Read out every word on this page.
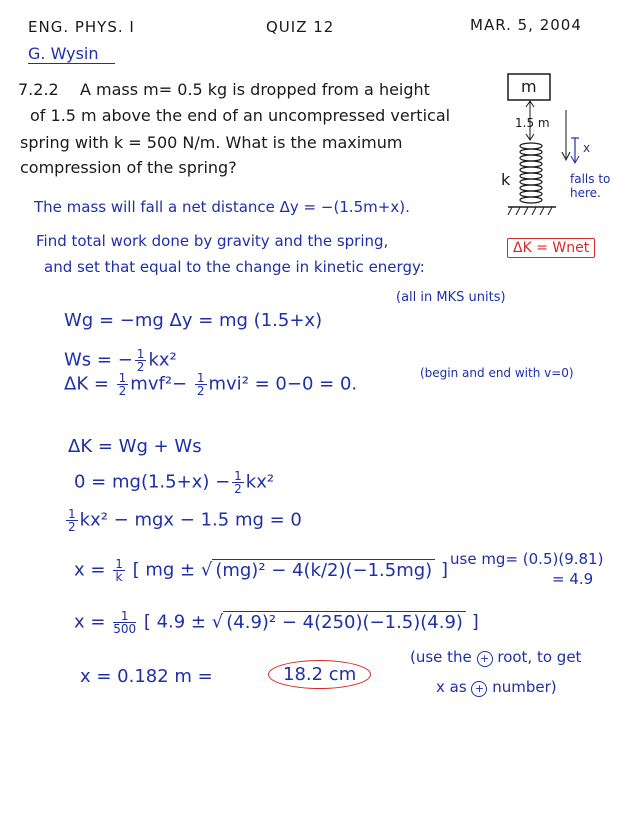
ENG. PHYS. I	QUIZ 12	MAR. 5, 2004
G. Wysin
7.2.2 A mass m= 0.5 kg is dropped from a height
of 1.5 m above the end of an uncompressed vertical
spring with k = 500 N/m. What is the maximum
compression of the spring?
m
1.5 m
k
x
falls to here.
The mass will fall a net distance Δy = −(1.5m+x).
Find total work done by gravity and the spring,
and set that equal to the change in kinetic energy:
ΔK = Wnet
Wg = −mg Δy = mg (1.5+x)
(all in MKS units)
Ws = − $\frac{1}{2} kx^2$
$\Delta K = \frac{1}{2} mvf^2- \frac{1}{2} mvi^2 = 0-0 = 0$.
(begin and end with v=0)
ΔK = Wg + Ws
$0 = mg(1.5+x) - \frac{1}{2} kx^2$
$\frac{1}{2} kx^2$ − mgx − 1.5 mg = 0
$x = \frac{1}{k}$ [ mg ± √ (mg)² − 4(k/2)(−1.5mg) ]
use mg= (0.5)(9.81)
= 4.9
$x = \frac{1}{500}$ [ 4.9 ± √ (4.9)² − 4(250)(−1.5)(4.9) ]
x = 0.182 m =	18.2 cm
(use the + root, to get
x as + number)
